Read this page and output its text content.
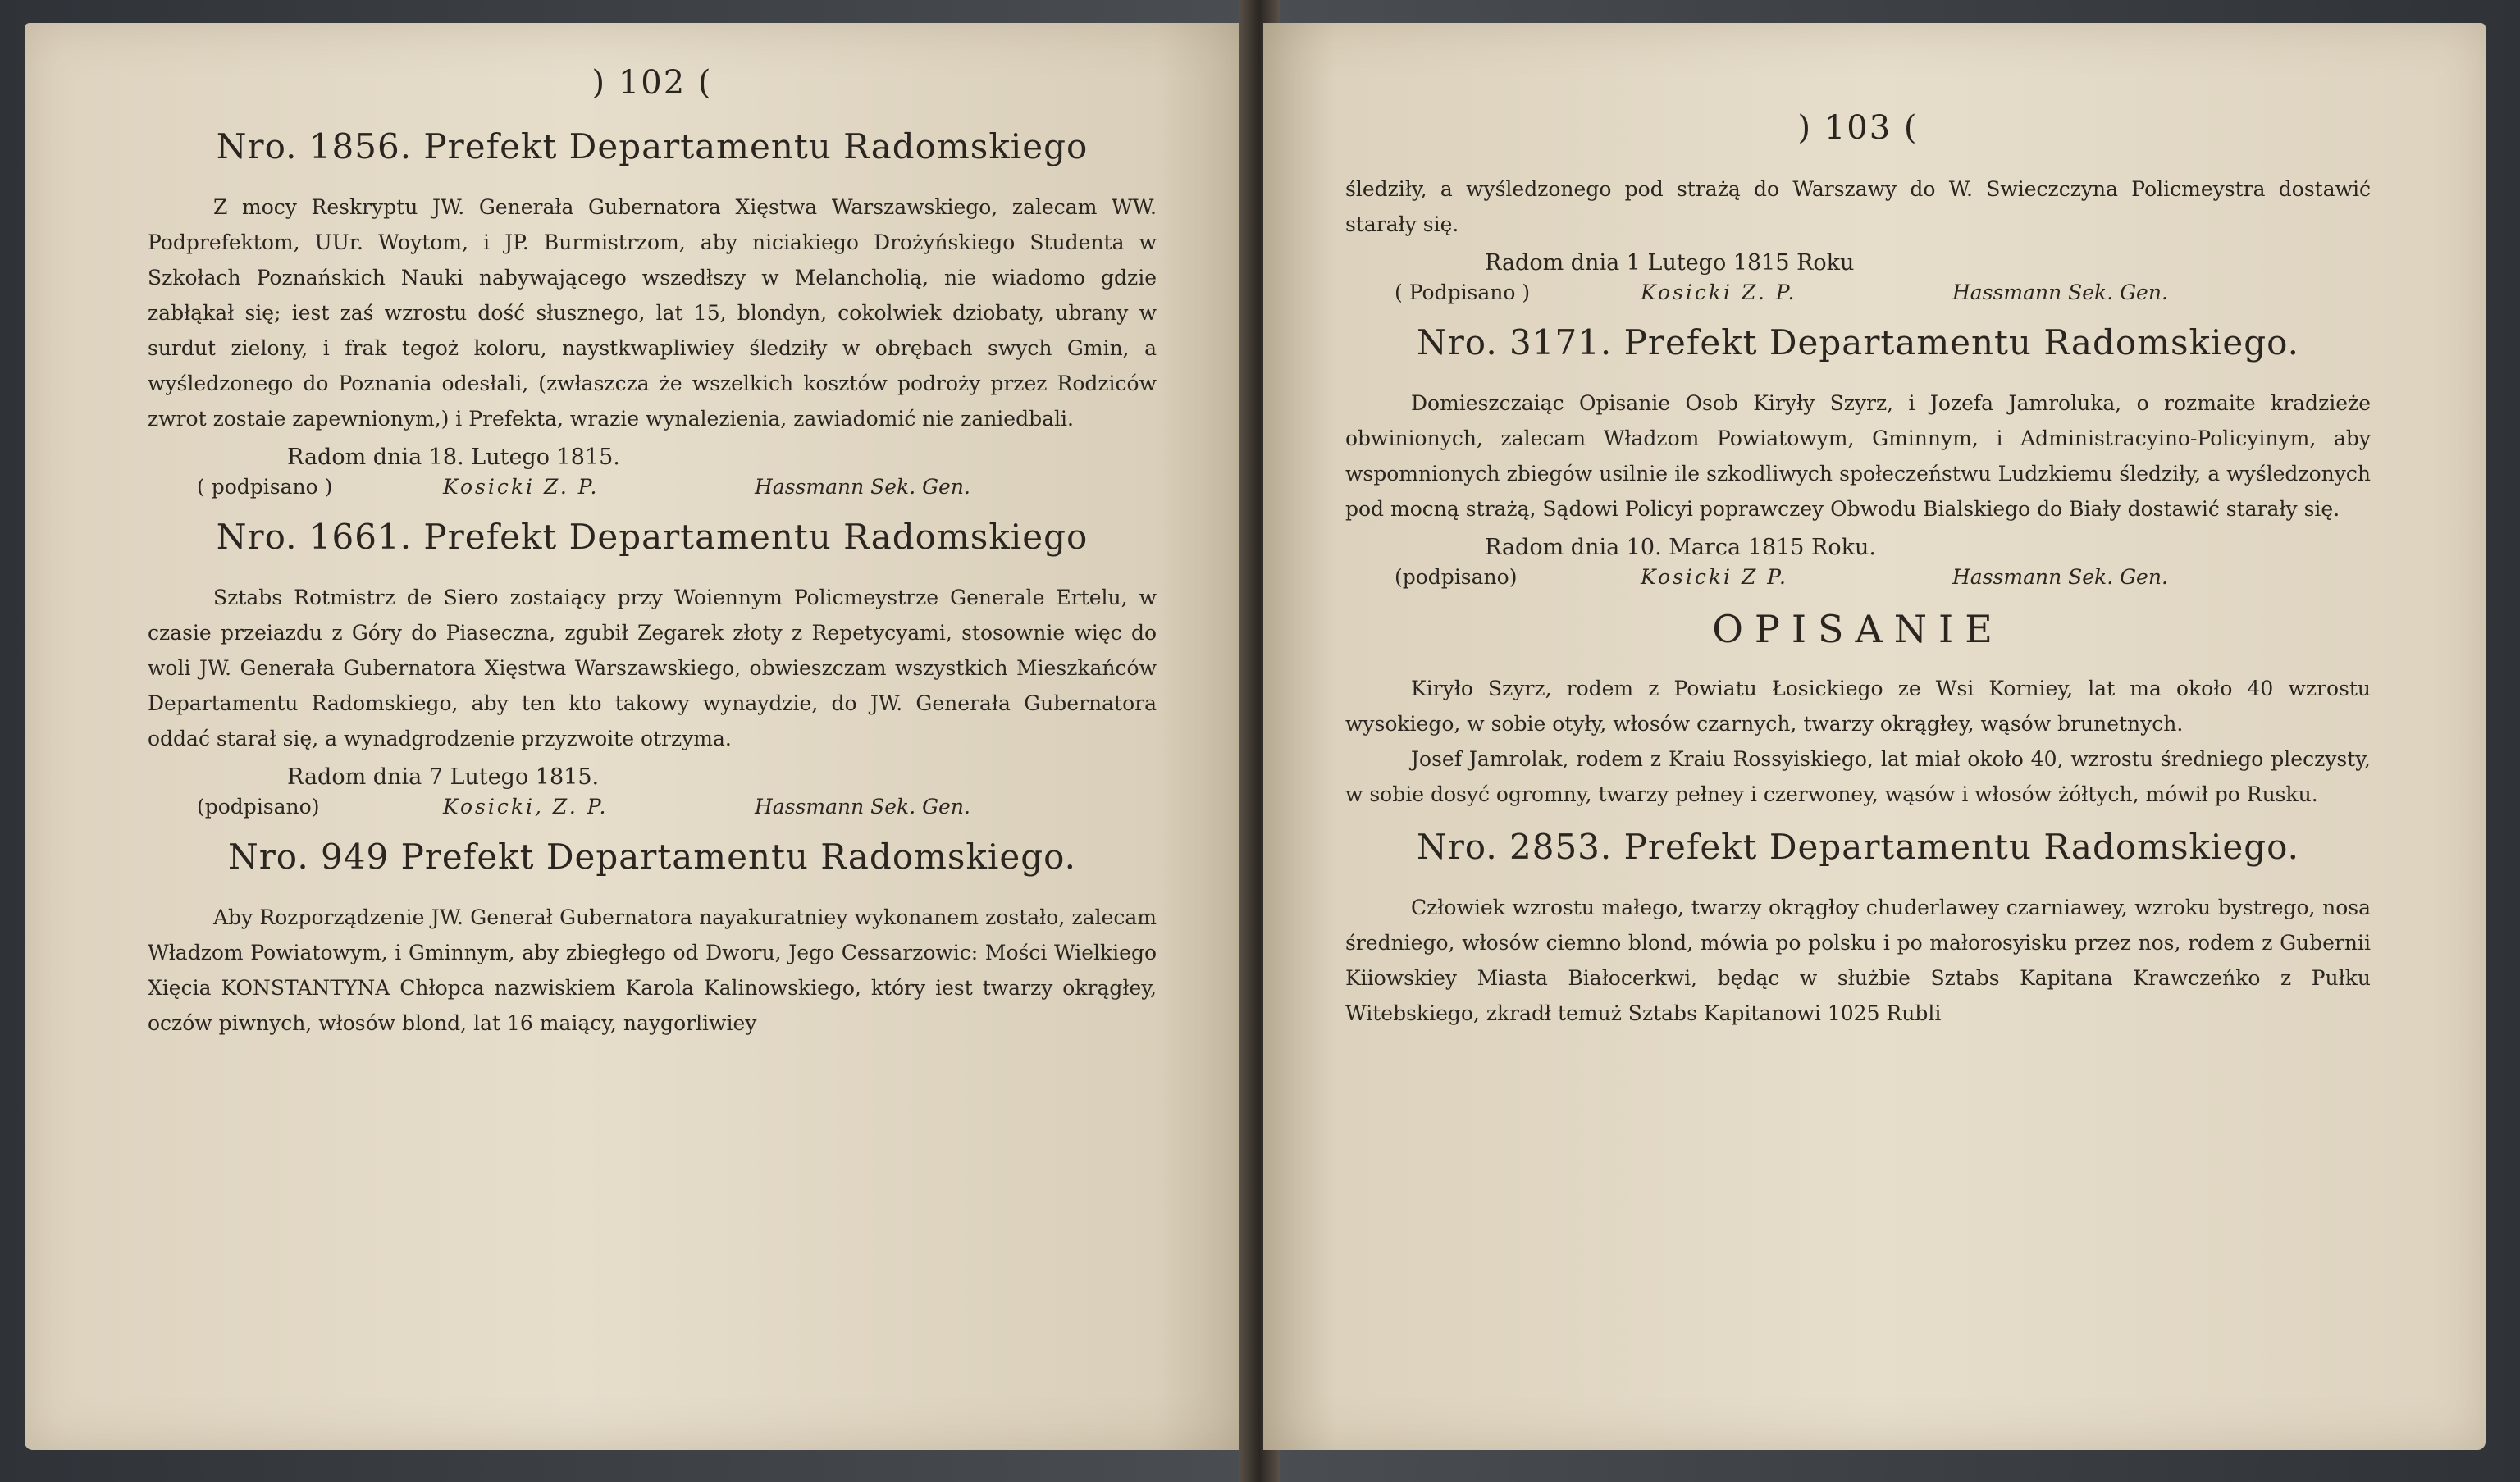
) 102 (
Nro. 1856. Prefekt Departamentu Radomskiego

Z mocy Reskryptu JW. Generała Gubernatora Xięstwa Warszawskiego, zalecam WW. Podprefektom, UUr. Woytom, i JP. Burmistrzom, aby niciakiego Drożyńskiego Studenta w Szkołach Poznańskich Nauki nabywającego wszedłszy w Melancholią, nie wiadomo gdzie zabłąkał się; iest zaś wzrostu dość słusznego, lat 15, blondyn, cokolwiek dziobaty, ubrany w surdut zielony, i frak tegoż koloru, naystkwapliwiey śledziły w obrębach swych Gmin, a wyśledzonego do Poznania odesłali, (zwłaszcza że wszelkich kosztów podroży przez Rodziców zwrot zostaie zapewnionym,) i Prefekta, wrazie wynalezienia, zawiadomić nie zaniedbali.

Radom dnia 18. Lutego 1815.
( podpisano )	Kosicki Z. P.	Hassmann Sek. Gen.
Nro. 1661. Prefekt Departamentu Radomskiego

Sztabs Rotmistrz de Siero zostaiący przy Woiennym Policmeystrze Generale Ertelu, w czasie przeiazdu z Góry do Piaseczna, zgubił Zegarek złoty z Repetycyami, stosownie więc do woli JW. Generała Gubernatora Xięstwa Warszawskiego, obwieszczam wszystkich Mieszkańców Departamentu Radomskiego, aby ten kto takowy wynaydzie, do JW. Generała Gubernatora oddać starał się, a wynadgrodzenie przyzwoite otrzyma.

Radom dnia 7 Lutego 1815.
(podpisano)	Kosicki, Z. P.	Hassmann Sek. Gen.
Nro. 949 Prefekt Departamentu Radomskiego.

Aby Rozporządzenie JW. Generał Gubernatora nayakuratniey wykonanem zostało, zalecam Władzom Powiatowym, i Gminnym, aby zbiegłego od Dworu, Jego Cessarzowic: Mości Wielkiego Xięcia KONSTANTYNA Chłopca nazwiskiem Karola Kalinowskiego, który iest twarzy okrągłey, oczów piwnych, włosów blond, lat 16 maiący, naygorliwiey

) 103 (

śledziły, a wyśledzonego pod strażą do Warszawy do W. Swieczczyna Policmeystra dostawić starały się.

Radom dnia 1 Lutego 1815 Roku
( Podpisano )	Kosicki Z. P.	Hassmann Sek. Gen.
Nro. 3171. Prefekt Departamentu Radomskiego.

Domieszczaiąc Opisanie Osob Kiryły Szyrz, i Jozefa Jamroluka, o rozmaite kradzieże obwinionych, zalecam Władzom Powiatowym, Gminnym, i Administracyino-Policyinym, aby wspomnionych zbiegów usilnie ile szkodliwych społeczeństwu Ludzkiemu śledziły, a wyśledzonych pod mocną strażą, Sądowi Policyi poprawczey Obwodu Bialskiego do Biały dostawić starały się.

Radom dnia 10. Marca 1815 Roku.
(podpisano)	Kosicki Z P.	Hassmann Sek. Gen.
OPISANIE

Kiryło Szyrz, rodem z Powiatu Łosickiego ze Wsi Korniey, lat ma około 40 wzrostu wysokiego, w sobie otyły, włosów czarnych, twarzy okrągłey, wąsów brunetnych.

Josef Jamrolak, rodem z Kraiu Rossyiskiego, lat miał około 40, wzrostu średniego pleczysty, w sobie dosyć ogromny, twarzy pełney i czerwoney, wąsów i włosów żółtych, mówił po Rusku.

Nro. 2853. Prefekt Departamentu Radomskiego.

Człowiek wzrostu małego, twarzy okrągłoy chuderlawey czarniawey, wzroku bystrego, nosa średniego, włosów ciemno blond, mówia po polsku i po małorosyisku przez nos, rodem z Gubernii Kiiowskiey Miasta Białocerkwi, będąc w służbie Sztabs Kapitana Krawczeńko z Pułku Witebskiego, zkradł temuż Sztabs Kapitanowi 1025 Rubli
